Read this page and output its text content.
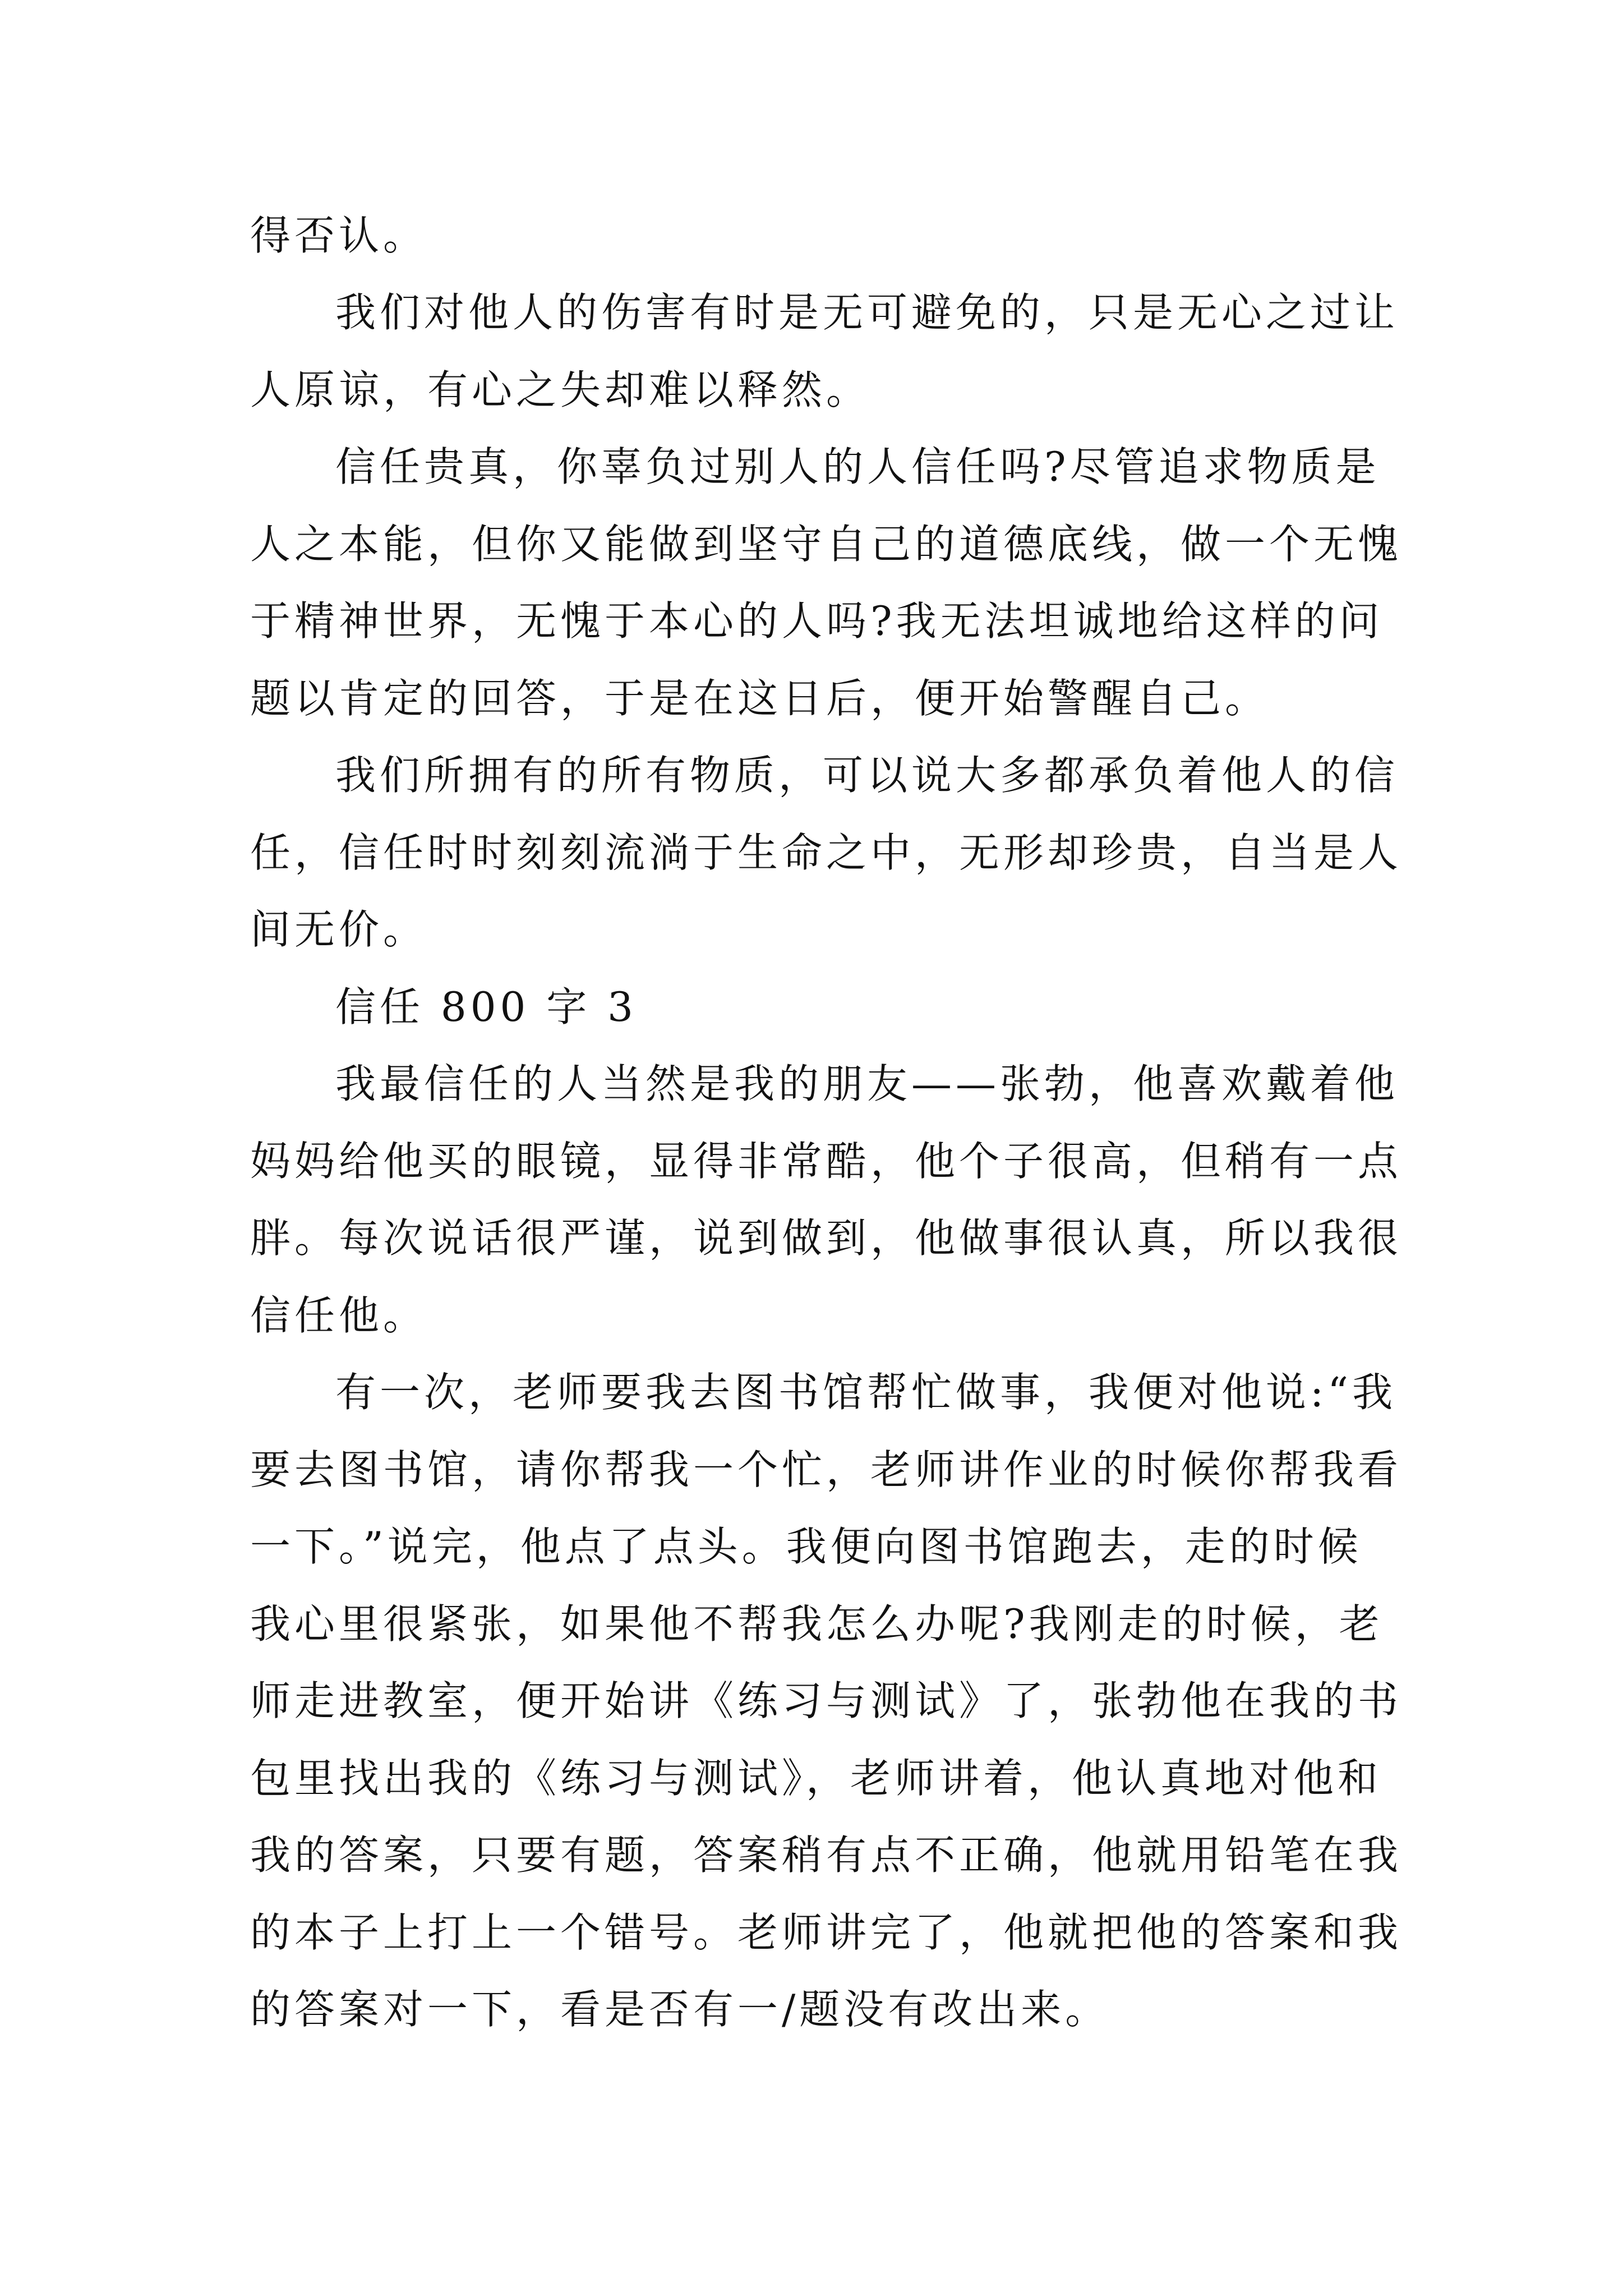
得否认。
我们对他人的伤害有时是无可避免的，只是无心之过让
人原谅，有心之失却难以释然。
信任贵真，你辜负过别人的人信任吗?尽管追求物质是
人之本能，但你又能做到坚守自己的道德底线，做一个无愧
于精神世界，无愧于本心的人吗?我无法坦诚地给这样的问
题以肯定的回答，于是在这日后，便开始警醒自己。
我们所拥有的所有物质，可以说大多都承负着他人的信
任，信任时时刻刻流淌于生命之中，无形却珍贵，自当是人
间无价。
信任 800 字 3
我最信任的人当然是我的朋友——张勃，他喜欢戴着他
妈妈给他买的眼镜，显得非常酷，他个子很高，但稍有一点
胖。每次说话很严谨，说到做到，他做事很认真，所以我很
信任他。
有一次，老师要我去图书馆帮忙做事，我便对他说:“我
要去图书馆，请你帮我一个忙，老师讲作业的时候你帮我看
一下。”说完，他点了点头。我便向图书馆跑去，走的时候
我心里很紧张，如果他不帮我怎么办呢?我刚走的时候，老
师走进教室，便开始讲《练习与测试》了，张勃他在我的书
包里找出我的《练习与测试》，老师讲着，他认真地对他和
我的答案，只要有题，答案稍有点不正确，他就用铅笔在我
的本子上打上一个错号。老师讲完了，他就把他的答案和我
的答案对一下，看是否有一/题没有改出来。
